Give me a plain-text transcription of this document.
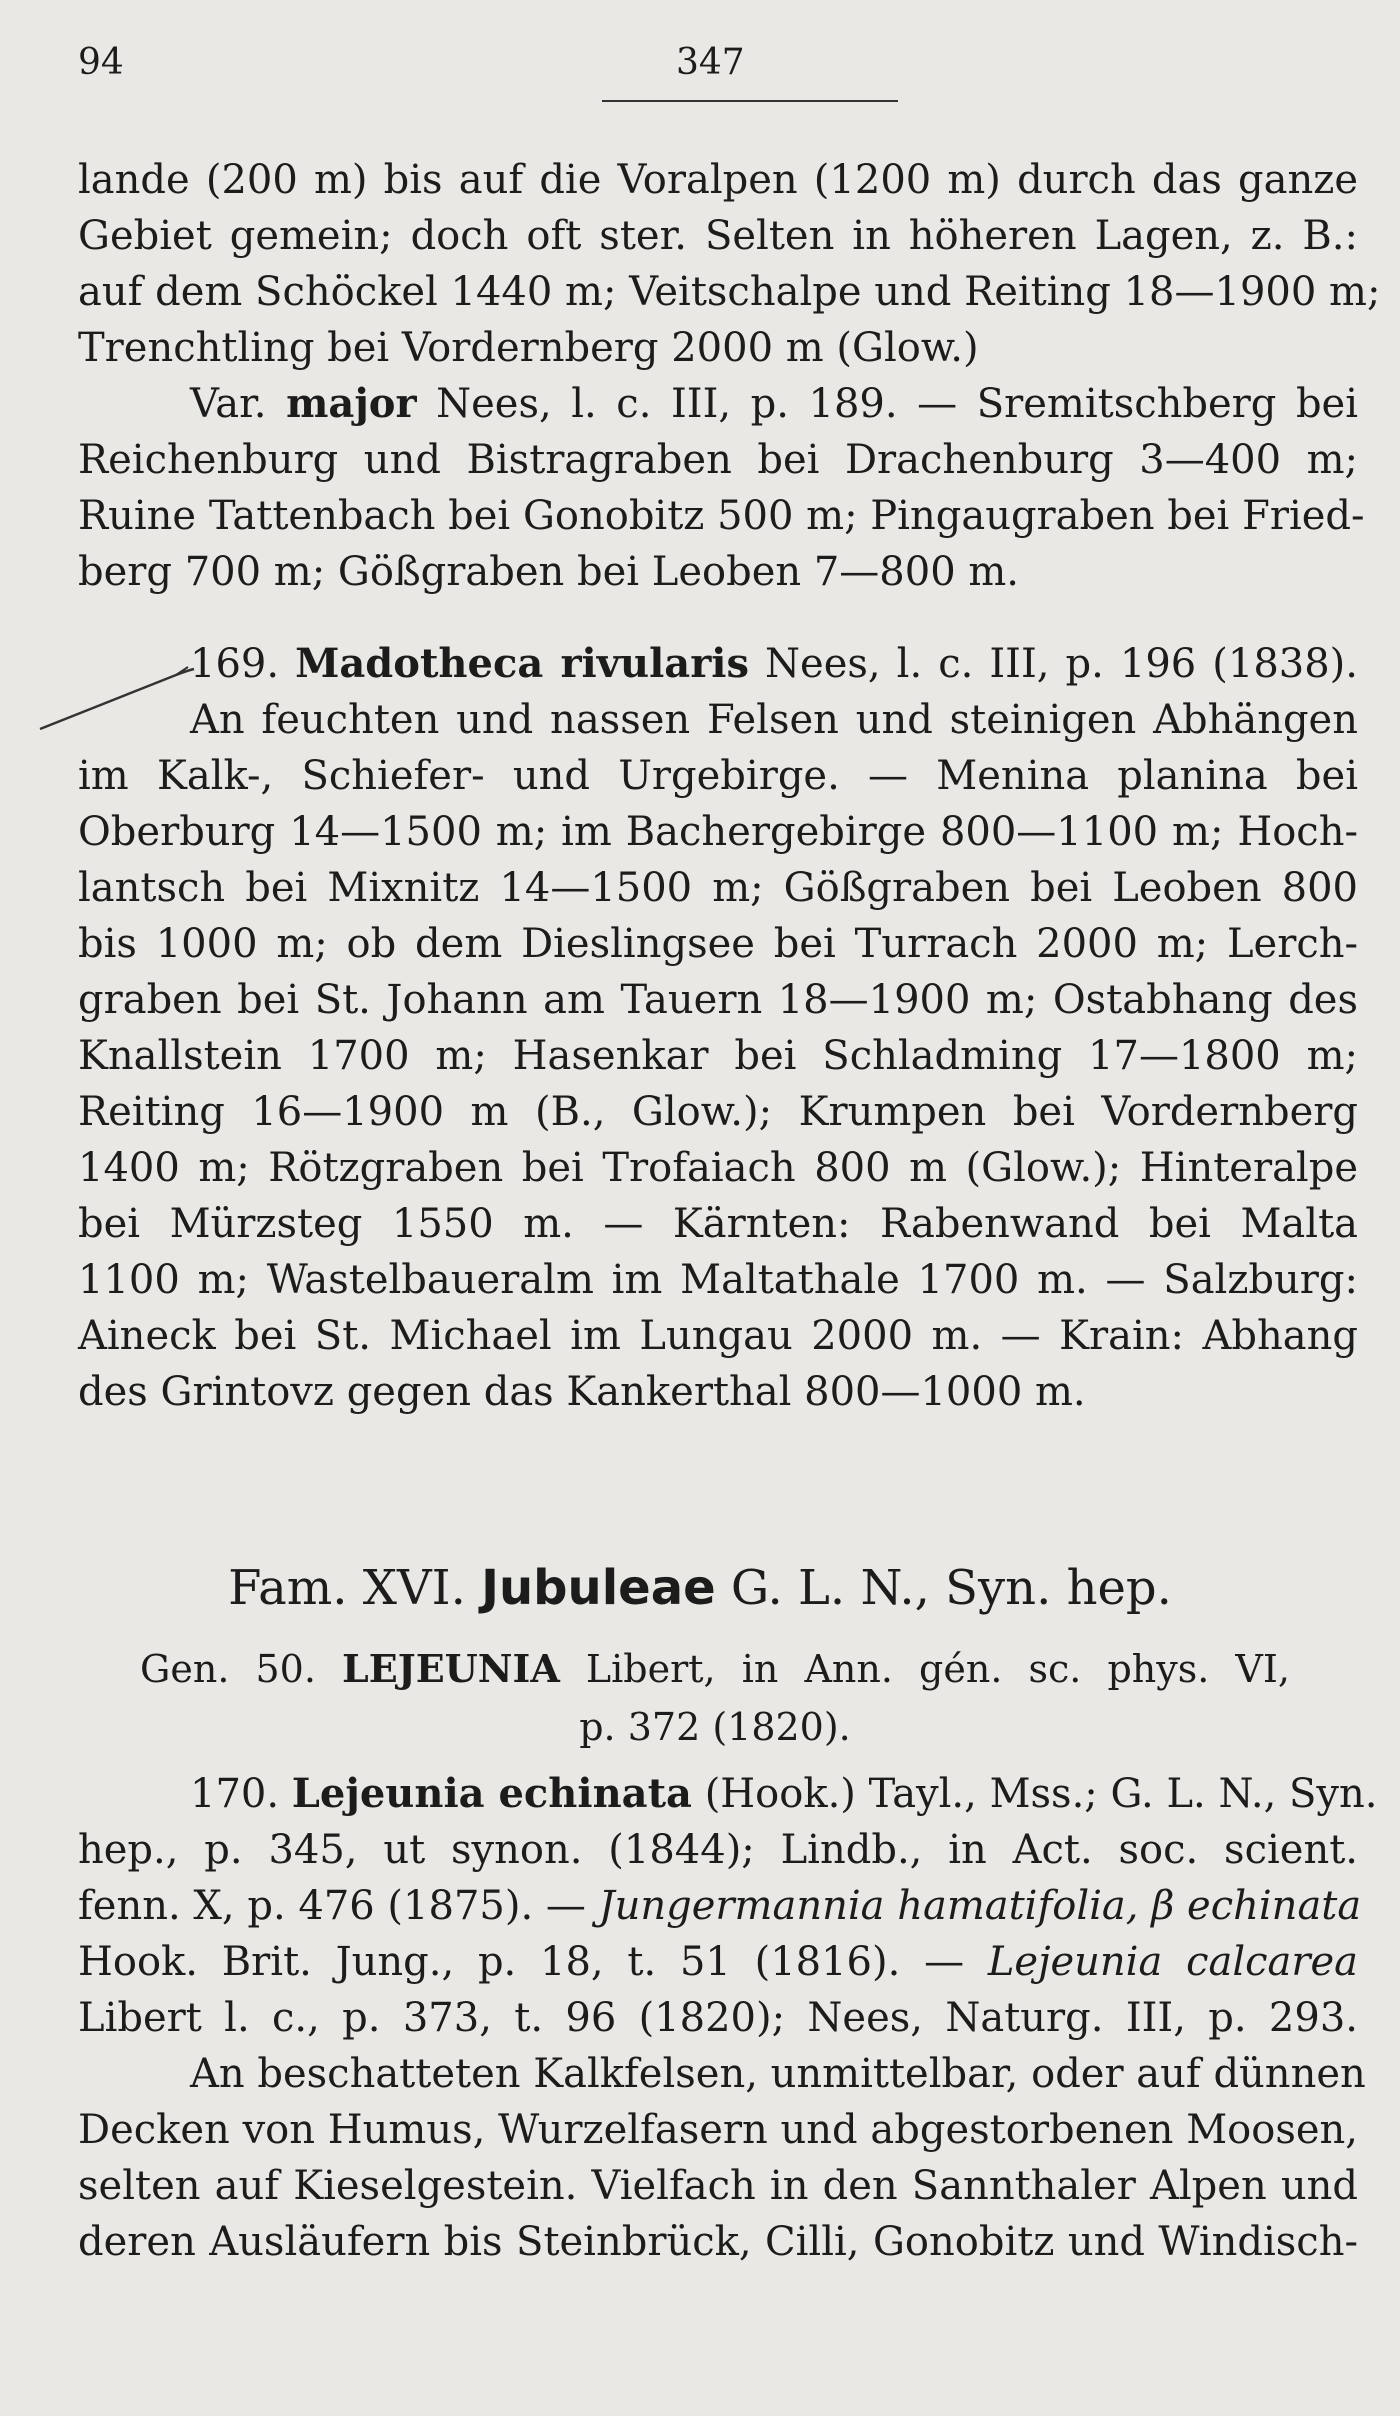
94	347
lande (200 m) bis auf die Voralpen (1200 m) durch das ganze
Gebiet gemein; doch oft ster. Selten in höheren Lagen, z. B.:
auf dem Schöckel 1440 m; Veitschalpe und Reiting 18—1900 m;
Trenchtling bei Vordernberg 2000 m (Glow.)
Var. major Nees, l. c. III, p. 189. — Sremitschberg bei
Reichenburg und Bistragraben bei Drachenburg 3—400 m;
Ruine Tattenbach bei Gonobitz 500 m; Pingaugraben bei Fried-
berg 700 m; Gößgraben bei Leoben 7—800 m.
169. Madotheca rivularis Nees, l. c. III, p. 196 (1838).
An feuchten und nassen Felsen und steinigen Abhängen
im Kalk-, Schiefer- und Urgebirge. — Menina planina bei
Oberburg 14—1500 m; im Bachergebirge 800—1100 m; Hoch-
lantsch bei Mixnitz 14—1500 m; Gößgraben bei Leoben 800
bis 1000 m; ob dem Dieslingsee bei Turrach 2000 m; Lerch-
graben bei St. Johann am Tauern 18—1900 m; Ostabhang des
Knallstein 1700 m; Hasenkar bei Schladming 17—1800 m;
Reiting 16—1900 m (B., Glow.); Krumpen bei Vordernberg
1400 m; Rötzgraben bei Trofaiach 800 m (Glow.); Hinteralpe
bei Mürzsteg 1550 m. — Kärnten: Rabenwand bei Malta
1100 m; Wastelbaueralm im Maltathale 1700 m. — Salzburg:
Aineck bei St. Michael im Lungau 2000 m. — Krain: Abhang
des Grintovz gegen das Kankerthal 800—1000 m.
Fam. XVI. Jubuleae G. L. N., Syn. hep.
Gen. 50. LEJEUNIA Libert, in Ann. gén. sc. phys. VI,
p. 372 (1820).
170. Lejeunia echinata (Hook.) Tayl., Mss.; G. L. N., Syn.
hep., p. 345, ut synon. (1844); Lindb., in Act. soc. scient.
fenn. X, p. 476 (1875). — Jungermannia hamatifolia, β echinata
Hook. Brit. Jung., p. 18, t. 51 (1816). — Lejeunia calcarea
Libert l. c., p. 373, t. 96 (1820); Nees, Naturg. III, p. 293.
An beschatteten Kalkfelsen, unmittelbar, oder auf dünnen
Decken von Humus, Wurzelfasern und abgestorbenen Moosen,
selten auf Kieselgestein. Vielfach in den Sannthaler Alpen und
deren Ausläufern bis Steinbrück, Cilli, Gonobitz und Windisch-
